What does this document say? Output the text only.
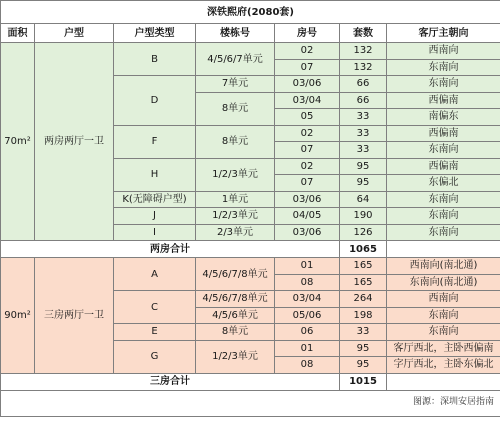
深铁熙府(2080套)						
面积	户型	户型类型	楼栋号	房号	套数	客厅主朝向
70m²	两房两厅一卫	B	4/5/6/7单元	02	132	西南向
				07	132	东南向
		D	7单元	03/06	66	东南向
			8单元	03/04	66	西偏南
				05	33	南偏东
		F	8单元	02	33	西偏南
				07	33	东南向
		H	1/2/3单元	02	95	西偏南
				07	95	东偏北
		K(无障碍户型)	1单元	03/06	64	东南向
		J	1/2/3单元	04/05	190	东南向
		I	2/3单元	03/06	126	东南向
两房合计					1065	
90m²	三房两厅一卫	A	4/5/6/7/8单元	01	165	西南向(南北通)
				08	165	东南向(南北通)
		C	4/5/6/7/8单元	03/04	264	西南向
			4/5/6单元	05/06	198	东南向
		E	8单元	06	33	东南向
		G	1/2/3单元	01	95	客厅西北，主卧西偏南
				08	95	字厅西北，主卧东偏北
三房合计					1015	
图源：深圳安居指南						
